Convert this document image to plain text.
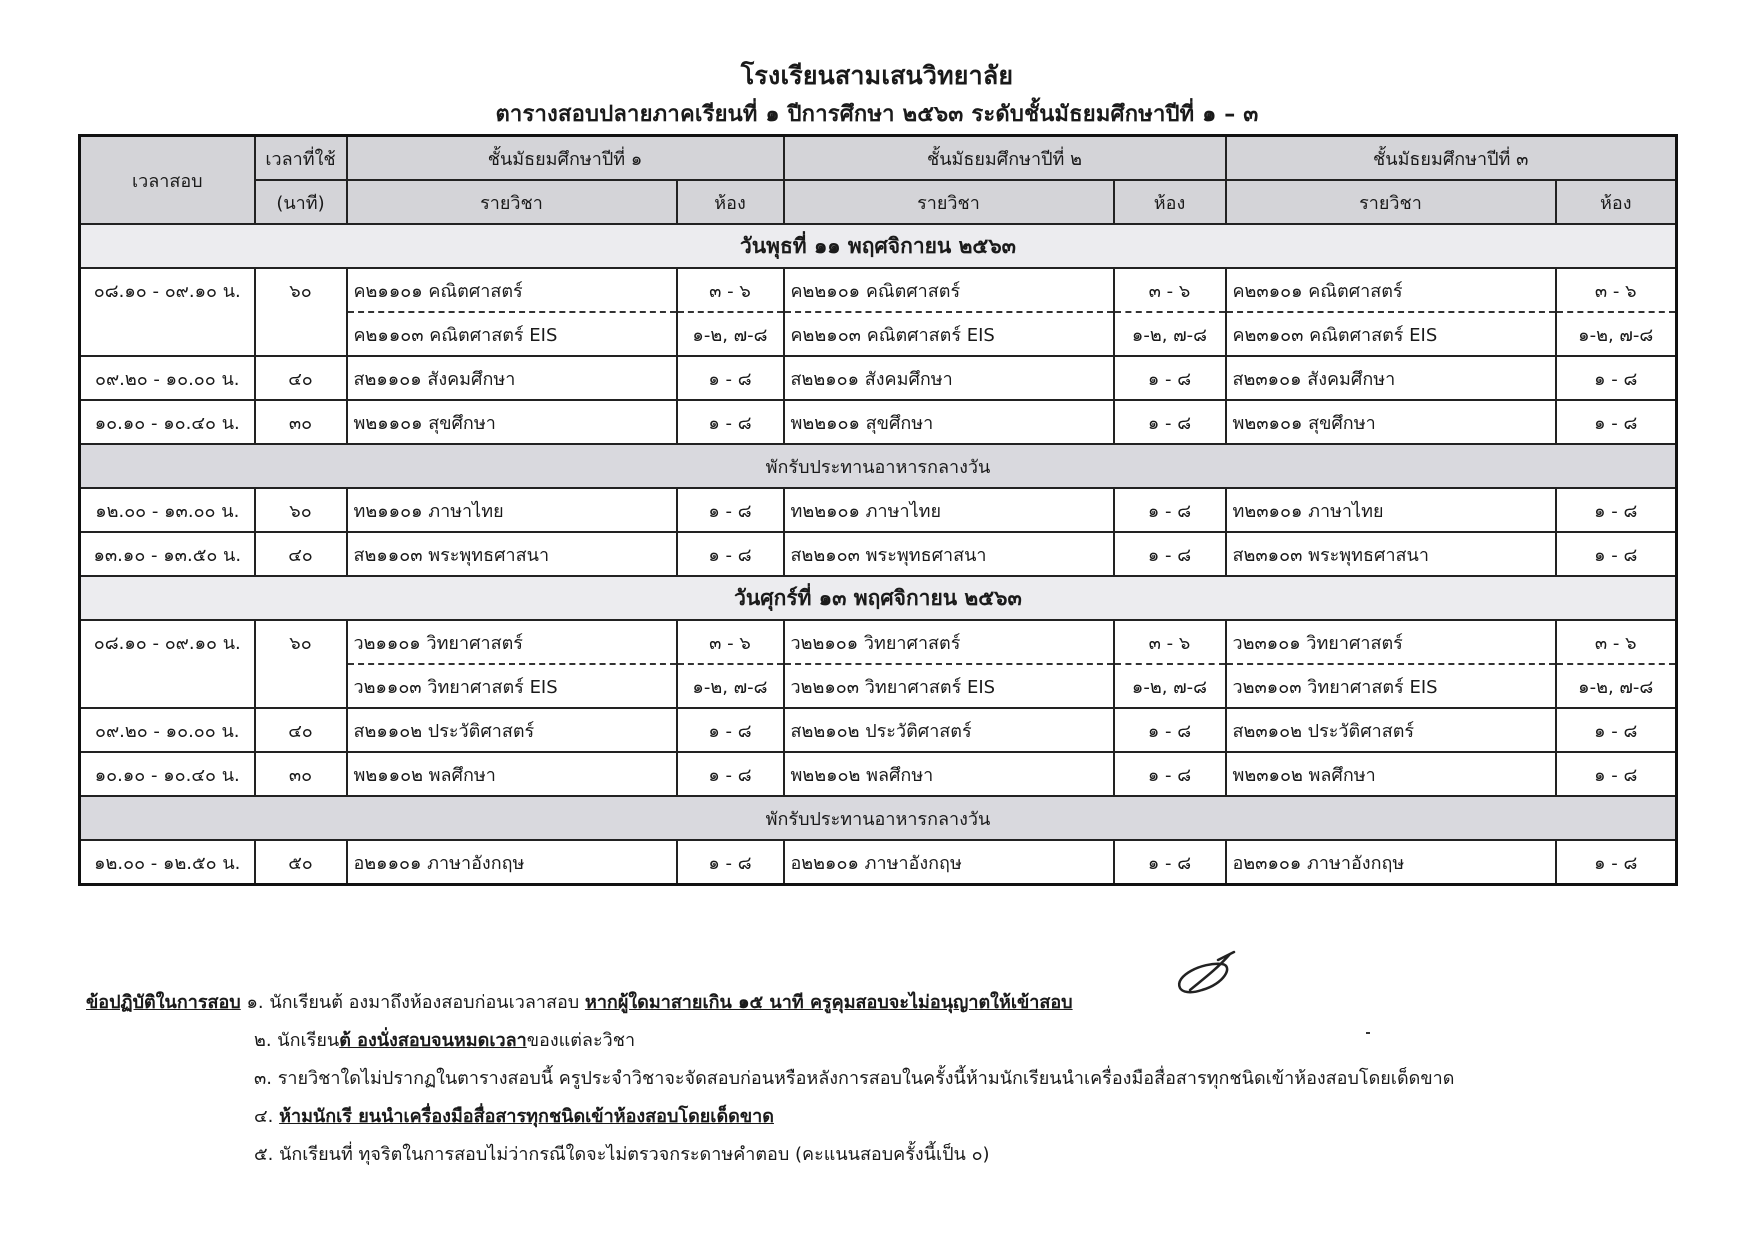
โรงเรียนสามเสนวิทยาลัย
ตารางสอบปลายภาคเรียนที่ ๑ ปีการศึกษา ๒๕๖๓ ระดับชั้นมัธยมศึกษาปีที่ ๑ – ๓
เวลาสอบ	เวลาที่ใช้	ชั้นมัธยมศึกษาปีที่ ๑		ชั้นมัธยมศึกษาปีที่ ๒		ชั้นมัธยมศึกษาปีที่ ๓	
	(นาที)	รายวิชา	ห้อง	รายวิชา	ห้อง	รายวิชา	ห้อง
วันพุธที่ ๑๑ พฤศจิกายน ๒๕๖๓							
๐๘.๑๐ - ๐๙.๑๐ น.	๖๐	ค๒๑๑๐๑ คณิตศาสตร์	๓ - ๖	ค๒๒๑๐๑ คณิตศาสตร์	๓ - ๖	ค๒๓๑๐๑ คณิตศาสตร์	๓ - ๖
		ค๒๑๑๐๓ คณิตศาสตร์ EIS	๑-๒, ๗-๘	ค๒๒๑๐๓ คณิตศาสตร์ EIS	๑-๒, ๗-๘	ค๒๓๑๐๓ คณิตศาสตร์ EIS	๑-๒, ๗-๘
๐๙.๒๐ - ๑๐.๐๐ น.	๔๐	ส๒๑๑๐๑ สังคมศึกษา	๑ - ๘	ส๒๒๑๐๑ สังคมศึกษา	๑ - ๘	ส๒๓๑๐๑ สังคมศึกษา	๑ - ๘
๑๐.๑๐ - ๑๐.๔๐ น.	๓๐	พ๒๑๑๐๑ สุขศึกษา	๑ - ๘	พ๒๒๑๐๑ สุขศึกษา	๑ - ๘	พ๒๓๑๐๑ สุขศึกษา	๑ - ๘
พักรับประทานอาหารกลางวัน							
๑๒.๐๐ - ๑๓.๐๐ น.	๖๐	ท๒๑๑๐๑ ภาษาไทย	๑ - ๘	ท๒๒๑๐๑ ภาษาไทย	๑ - ๘	ท๒๓๑๐๑ ภาษาไทย	๑ - ๘
๑๓.๑๐ - ๑๓.๕๐ น.	๔๐	ส๒๑๑๐๓ พระพุทธศาสนา	๑ - ๘	ส๒๒๑๐๓ พระพุทธศาสนา	๑ - ๘	ส๒๓๑๐๓ พระพุทธศาสนา	๑ - ๘
วันศุกร์ที่ ๑๓ พฤศจิกายน ๒๕๖๓							
๐๘.๑๐ - ๐๙.๑๐ น.	๖๐	ว๒๑๑๐๑ วิทยาศาสตร์	๓ - ๖	ว๒๒๑๐๑ วิทยาศาสตร์	๓ - ๖	ว๒๓๑๐๑ วิทยาศาสตร์	๓ - ๖
		ว๒๑๑๐๓ วิทยาศาสตร์ EIS	๑-๒, ๗-๘	ว๒๒๑๐๓ วิทยาศาสตร์ EIS	๑-๒, ๗-๘	ว๒๓๑๐๓ วิทยาศาสตร์ EIS	๑-๒, ๗-๘
๐๙.๒๐ - ๑๐.๐๐ น.	๔๐	ส๒๑๑๐๒ ประวัติศาสตร์	๑ - ๘	ส๒๒๑๐๒ ประวัติศาสตร์	๑ - ๘	ส๒๓๑๐๒ ประวัติศาสตร์	๑ - ๘
๑๐.๑๐ - ๑๐.๔๐ น.	๓๐	พ๒๑๑๐๒ พลศึกษา	๑ - ๘	พ๒๒๑๐๒ พลศึกษา	๑ - ๘	พ๒๓๑๐๒ พลศึกษา	๑ - ๘
พักรับประทานอาหารกลางวัน							
๑๒.๐๐ - ๑๒.๕๐ น.	๕๐	อ๒๑๑๐๑ ภาษาอังกฤษ	๑ - ๘	อ๒๒๑๐๑ ภาษาอังกฤษ	๑ - ๘	อ๒๓๑๐๑ ภาษาอังกฤษ	๑ - ๘
ข้อปฏิบัติในการสอบ ๑. นักเรียนต้ องมาถึงห้องสอบก่อนเวลาสอบ หากผู้ใดมาสายเกิน ๑๕ นาที ครูคุมสอบจะไม่อนุญาตให้เข้าสอบ
๒. นักเรียนต้ องนั่งสอบจนหมดเวลาของแต่ละวิชา
๓. รายวิชาใดไม่ปรากฏในตารางสอบนี้ ครูประจำวิชาจะจัดสอบก่อนหรือหลังการสอบในครั้งนี้ห้ามนักเรียนนำเครื่องมือสื่อสารทุกชนิดเข้าห้องสอบโดยเด็ดขาด
๔. ห้ามนักเรี ยนนำเครื่องมือสื่อสารทุกชนิดเข้าห้องสอบโดยเด็ดขาด
๕. นักเรียนที่ ทุจริตในการสอบไม่ว่ากรณีใดจะไม่ตรวจกระดาษคำตอบ (คะแนนสอบครั้งนี้เป็น ๐)
